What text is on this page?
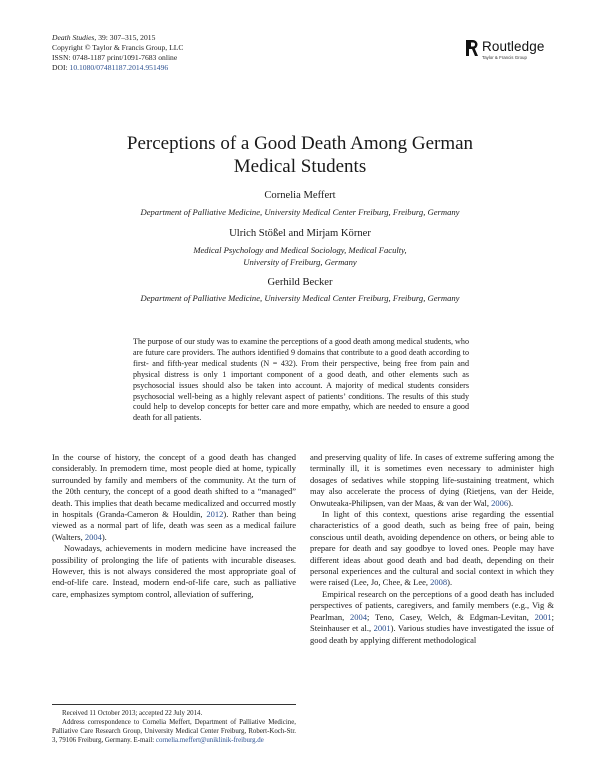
Death Studies, 39: 307–315, 2015
Copyright © Taylor & Francis Group, LLC
ISSN: 0748-1187 print/1091-7683 online
DOI: 10.1080/07481187.2014.951496
Routledge
Taylor & Francis Group
Perceptions of a Good Death Among German
Medical Students
Cornelia Meffert
Department of Palliative Medicine, University Medical Center Freiburg, Freiburg, Germany
Ulrich Stößel and Mirjam Körner
Medical Psychology and Medical Sociology, Medical Faculty,
University of Freiburg, Germany
Gerhild Becker
Department of Palliative Medicine, University Medical Center Freiburg, Freiburg, Germany
The purpose of our study was to examine the perceptions of a good death among medical students, who are future care providers. The authors identified 9 domains that contribute to a good death according to first- and fifth-year medical students (N = 432). From their perspective, being free from pain and physical distress is only 1 important component of a good death, and other elements such as psychosocial issues should also be taken into account. A majority of medical students considers psychosocial well-being as a highly relevant aspect of patients’ conditions. The results of this study could help to develop concepts for better care and more empathy, which are needed to ensure a good death for all patients.

In the course of history, the concept of a good death has changed considerably. In premodern time, most people died at home, typically surrounded by family and members of the community. At the turn of the 20th century, the concept of a good death shifted to a “managed” death. This implies that death became medicalized and occurred mostly in hospitals (Granda-Cameron & Houldin, 2012). Rather than being viewed as a normal part of life, death was seen as a medical failure (Walters, 2004).

Nowadays, achievements in modern medicine have increased the possibility of prolonging the life of patients with incurable diseases. However, this is not always considered the most appropriate goal of end-of-life care. Instead, modern end-of-life care, such as palliative care, emphasizes symptom control, alleviation of suffering,

Received 11 October 2013; accepted 22 July 2014.

Address correspondence to Cornelia Meffert, Department of Palliative Medicine, Palliative Care Research Group, University Medical Center Freiburg, Robert-Koch-Str. 3, 79106 Freiburg, Germany. E-mail: cornelia.meffert@uniklinik-freiburg.de

and preserving quality of life. In cases of extreme suffering among the terminally ill, it is sometimes even necessary to administer high dosages of sedatives while stopping life-sustaining treatment, which may also accelerate the process of dying (Rietjens, van der Heide, Onwuteaka-Philipsen, van der Maas, & van der Wal, 2006).

In light of this context, questions arise regarding the essential characteristics of a good death, such as being free of pain, being conscious until death, avoiding dependence on others, or being able to prepare for death and say goodbye to loved ones. People may have different ideas about good death and bad death, depending on their personal experiences and the cultural and social context in which they were raised (Lee, Jo, Chee, & Lee, 2008).

Empirical research on the perceptions of a good death has included perspectives of patients, caregivers, and family members (e.g., Vig & Pearlman, 2004; Teno, Casey, Welch, & Edgman-Levitan, 2001; Steinhauser et al., 2001). Various studies have investigated the issue of good death by applying different methodological
